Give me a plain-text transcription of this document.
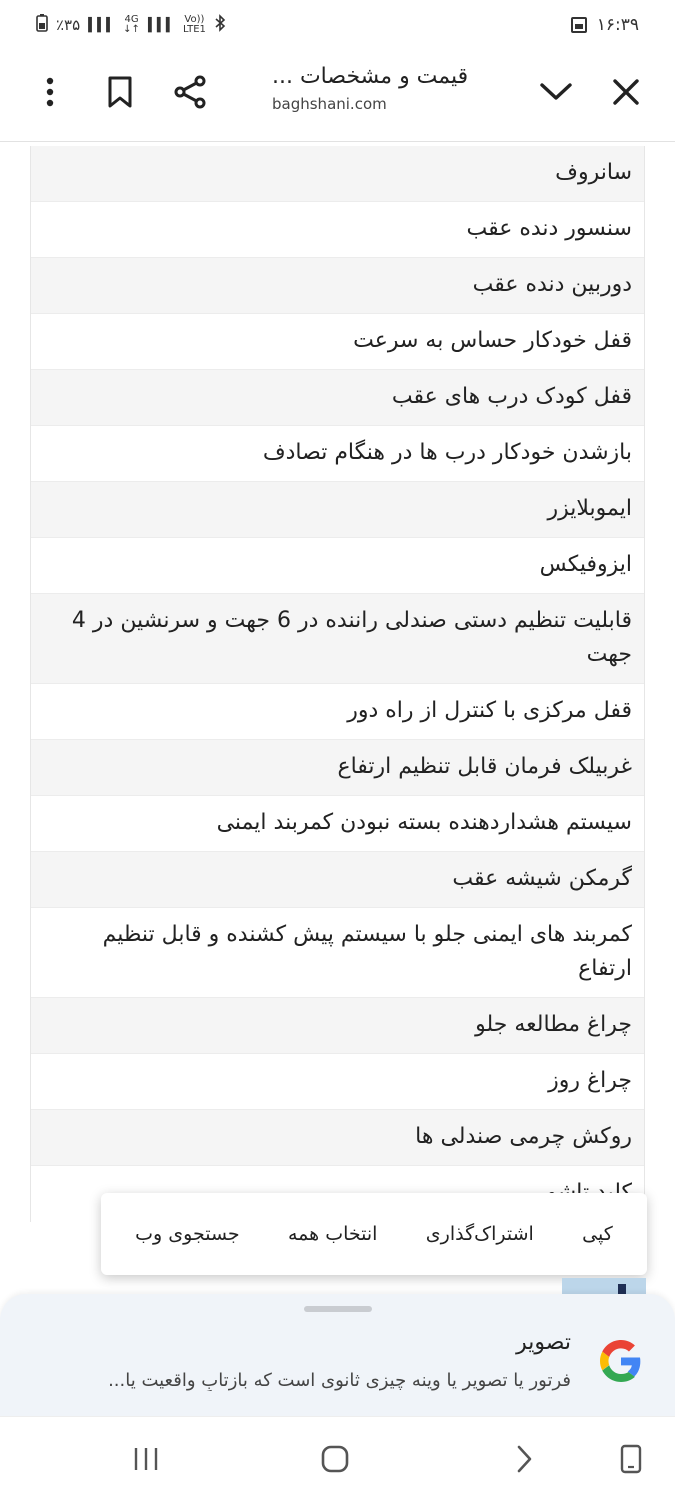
٪۳۵ ▍▍▍ 4G
↓↑ ▍▍▍ Vo))
LTE1	۱۶:۳۹
قیمت و مشخصات ...
baghshani.com
سانروف
سنسور دنده عقب
دوربین دنده عقب
قفل خودکار حساس به سرعت
قفل کودک درب های عقب
بازشدن خودکار درب ها در هنگام تصادف
ایموبلایزر
ایزوفیکس
قابلیت تنظیم دستی صندلی راننده در 6 جهت و سرنشین در 4 جهت
قفل مرکزی با کنترل از راه دور
غربیلک فرمان قابل تنظیم ارتفاع
سیستم هشداردهنده بسته نبودن کمربند ایمنی
گرمکن شیشه عقب
کمربند های ایمنی جلو با سیستم پیش کشنده و قابل تنظیم ارتفاع
چراغ مطالعه جلو
چراغ روز
روکش چرمی صندلی ها
کپی
اشتراک‌گذاری
انتخاب همه
جستجوی وب
تصویر
فرتور یا تصویر یا وینه چیزی ثانوی است که بازتابِ واقعیت یا...
